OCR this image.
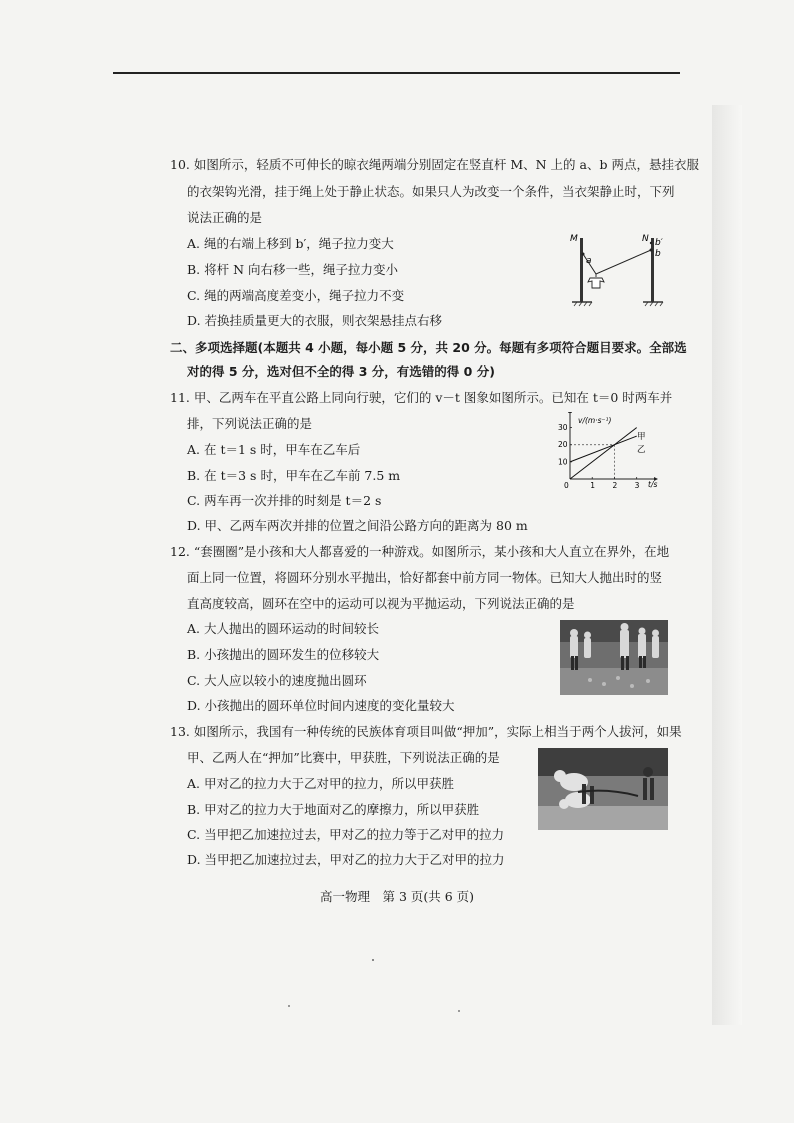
10. 如图所示，轻质不可伸长的晾衣绳两端分别固定在竖直杆 M、N 上的 a、b 两点，悬挂衣服
的衣架钩光滑，挂于绳上处于静止状态。如果只人为改变一个条件，当衣架静止时，下列
说法正确的是
A. 绳的右端上移到 b′，绳子拉力变大
B. 将杆 N 向右移一些，绳子拉力变小
C. 绳的两端高度差变小，绳子拉力不变
D. 若换挂质量更大的衣服，则衣架悬挂点右移
M	N
a
b
b′
二、多项选择题(本题共 4 小题，每小题 5 分，共 20 分。每题有多项符合题目要求。全部选
对的得 5 分，选对但不全的得 3 分，有选错的得 0 分)
11. 甲、乙两车在平直公路上同向行驶，它们的 v－t 图象如图所示。已知在 t＝0 时两车并
排，下列说法正确的是
A. 在 t＝1 s 时，甲车在乙车后
B. 在 t＝3 s 时，甲车在乙车前 7.5 m
C. 两车再一次并排的时刻是 t＝2 s
D. 甲、乙两车两次并排的位置之间沿公路方向的距离为 80 m
0	1 2 3
10
20
30
v/(m·s⁻¹)
t/s
甲
乙
12. “套圈圈”是小孩和大人都喜爱的一种游戏。如图所示，某小孩和大人直立在界外，在地
面上同一位置，将圆环分别水平抛出，恰好都套中前方同一物体。已知大人抛出时的竖
直高度较高，圆环在空中的运动可以视为平抛运动，下列说法正确的是
A. 大人抛出的圆环运动的时间较长
B. 小孩抛出的圆环发生的位移较大
C. 大人应以较小的速度抛出圆环
D. 小孩抛出的圆环单位时间内速度的变化量较大
13. 如图所示，我国有一种传统的民族体育项目叫做“押加”，实际上相当于两个人拔河，如果
甲、乙两人在“押加”比赛中，甲获胜，下列说法正确的是
A. 甲对乙的拉力大于乙对甲的拉力，所以甲获胜
B. 甲对乙的拉力大于地面对乙的摩擦力，所以甲获胜
C. 当甲把乙加速拉过去，甲对乙的拉力等于乙对甲的拉力
D. 当甲把乙加速拉过去，甲对乙的拉力大于乙对甲的拉力
高一物理　第 3 页(共 6 页)
